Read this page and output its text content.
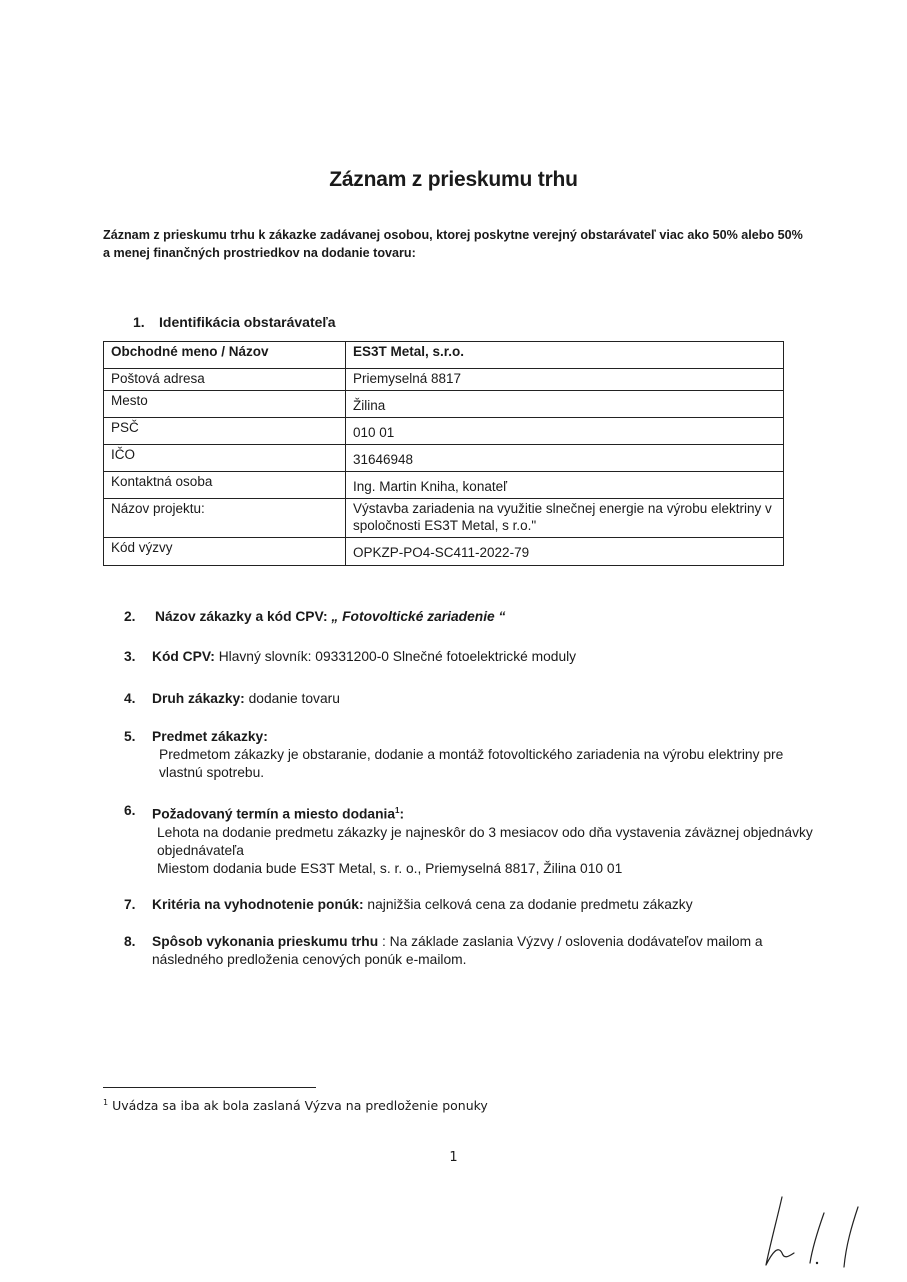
Záznam z prieskumu trhu
Záznam z prieskumu trhu k zákazke zadávanej osobou, ktorej poskytne verejný obstarávateľ viac ako 50% alebo 50% a menej finančných prostriedkov na dodanie tovaru:
1. Identifikácia obstarávateľa
Obchodné meno / Názov	ES3T Metal, s.r.o.
Poštová adresa	Priemyselná 8817
Mesto	Žilina
PSČ	010 01
IČO	31646948
Kontaktná osoba	Ing. Martin Kniha, konateľ
Názov projektu:	Výstavba zariadenia na využitie slnečnej energie na výrobu elektriny v spoločnosti ES3T Metal, s r.o."
Kód výzvy	OPKZP-PO4-SC411-2022-79
2. Názov zákazky a kód CPV: „ Fotovoltické zariadenie “
3. Kód CPV: Hlavný slovník: 09331200-0 Slnečné fotoelektrické moduly
4. Druh zákazky: dodanie tovaru
5. Predmet zákazky:
Predmetom zákazky je obstaranie, dodanie a montáž fotovoltického zariadenia na výrobu elektriny pre vlastnú spotrebu.
6. Požadovaný termín a miesto dodania$^1$:
Lehota na dodanie predmetu zákazky je najneskôr do 3 mesiacov odo dňa vystavenia záväznej objednávky objednávateľa
Miestom dodania bude ES3T Metal, s. r. o., Priemyselná 8817, Žilina 010 01
7. Kritéria na vyhodnotenie ponúk: najnižšia celková cena za dodanie predmetu zákazky
8. Spôsob vykonania prieskumu trhu : Na základe zaslania Výzvy / oslovenia dodávateľov mailom a následného predloženia cenových ponúk e-mailom.
$^1$ Uvádza sa iba ak bola zaslaná Výzva na predloženie ponuky
1
